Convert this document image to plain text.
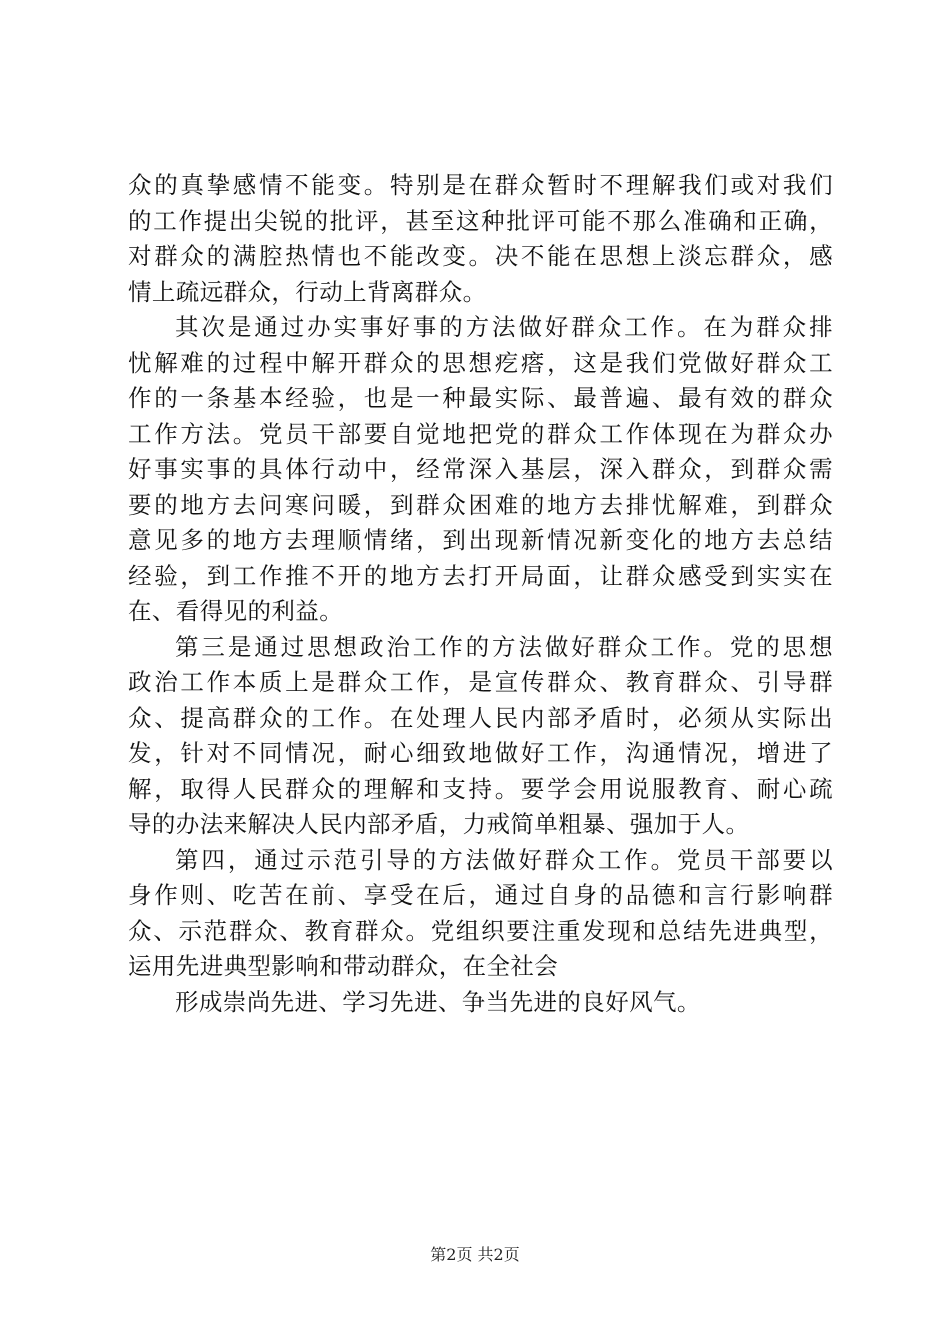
众的真挚感情不能变。特别是在群众暂时不理解我们或对我们
的工作提出尖锐的批评，甚至这种批评可能不那么准确和正确，
对群众的满腔热情也不能改变。决不能在思想上淡忘群众，感
情上疏远群众，行动上背离群众。
其次是通过办实事好事的方法做好群众工作。在为群众排
忧解难的过程中解开群众的思想疙瘩，这是我们党做好群众工
作的一条基本经验，也是一种最实际、最普遍、最有效的群众
工作方法。党员干部要自觉地把党的群众工作体现在为群众办
好事实事的具体行动中，经常深入基层，深入群众，到群众需
要的地方去问寒问暖，到群众困难的地方去排忧解难，到群众
意见多的地方去理顺情绪，到出现新情况新变化的地方去总结
经验，到工作推不开的地方去打开局面，让群众感受到实实在
在、看得见的利益。
第三是通过思想政治工作的方法做好群众工作。党的思想
政治工作本质上是群众工作，是宣传群众、教育群众、引导群
众、提高群众的工作。在处理人民内部矛盾时，必须从实际出
发，针对不同情况，耐心细致地做好工作，沟通情况，增进了
解，取得人民群众的理解和支持。要学会用说服教育、耐心疏
导的办法来解决人民内部矛盾，力戒简单粗暴、强加于人。
第四，通过示范引导的方法做好群众工作。党员干部要以
身作则、吃苦在前、享受在后，通过自身的品德和言行影响群
众、示范群众、教育群众。党组织要注重发现和总结先进典型，
运用先进典型影响和带动群众，在全社会
形成崇尚先进、学习先进、争当先进的良好风气。
第2页 共2页
